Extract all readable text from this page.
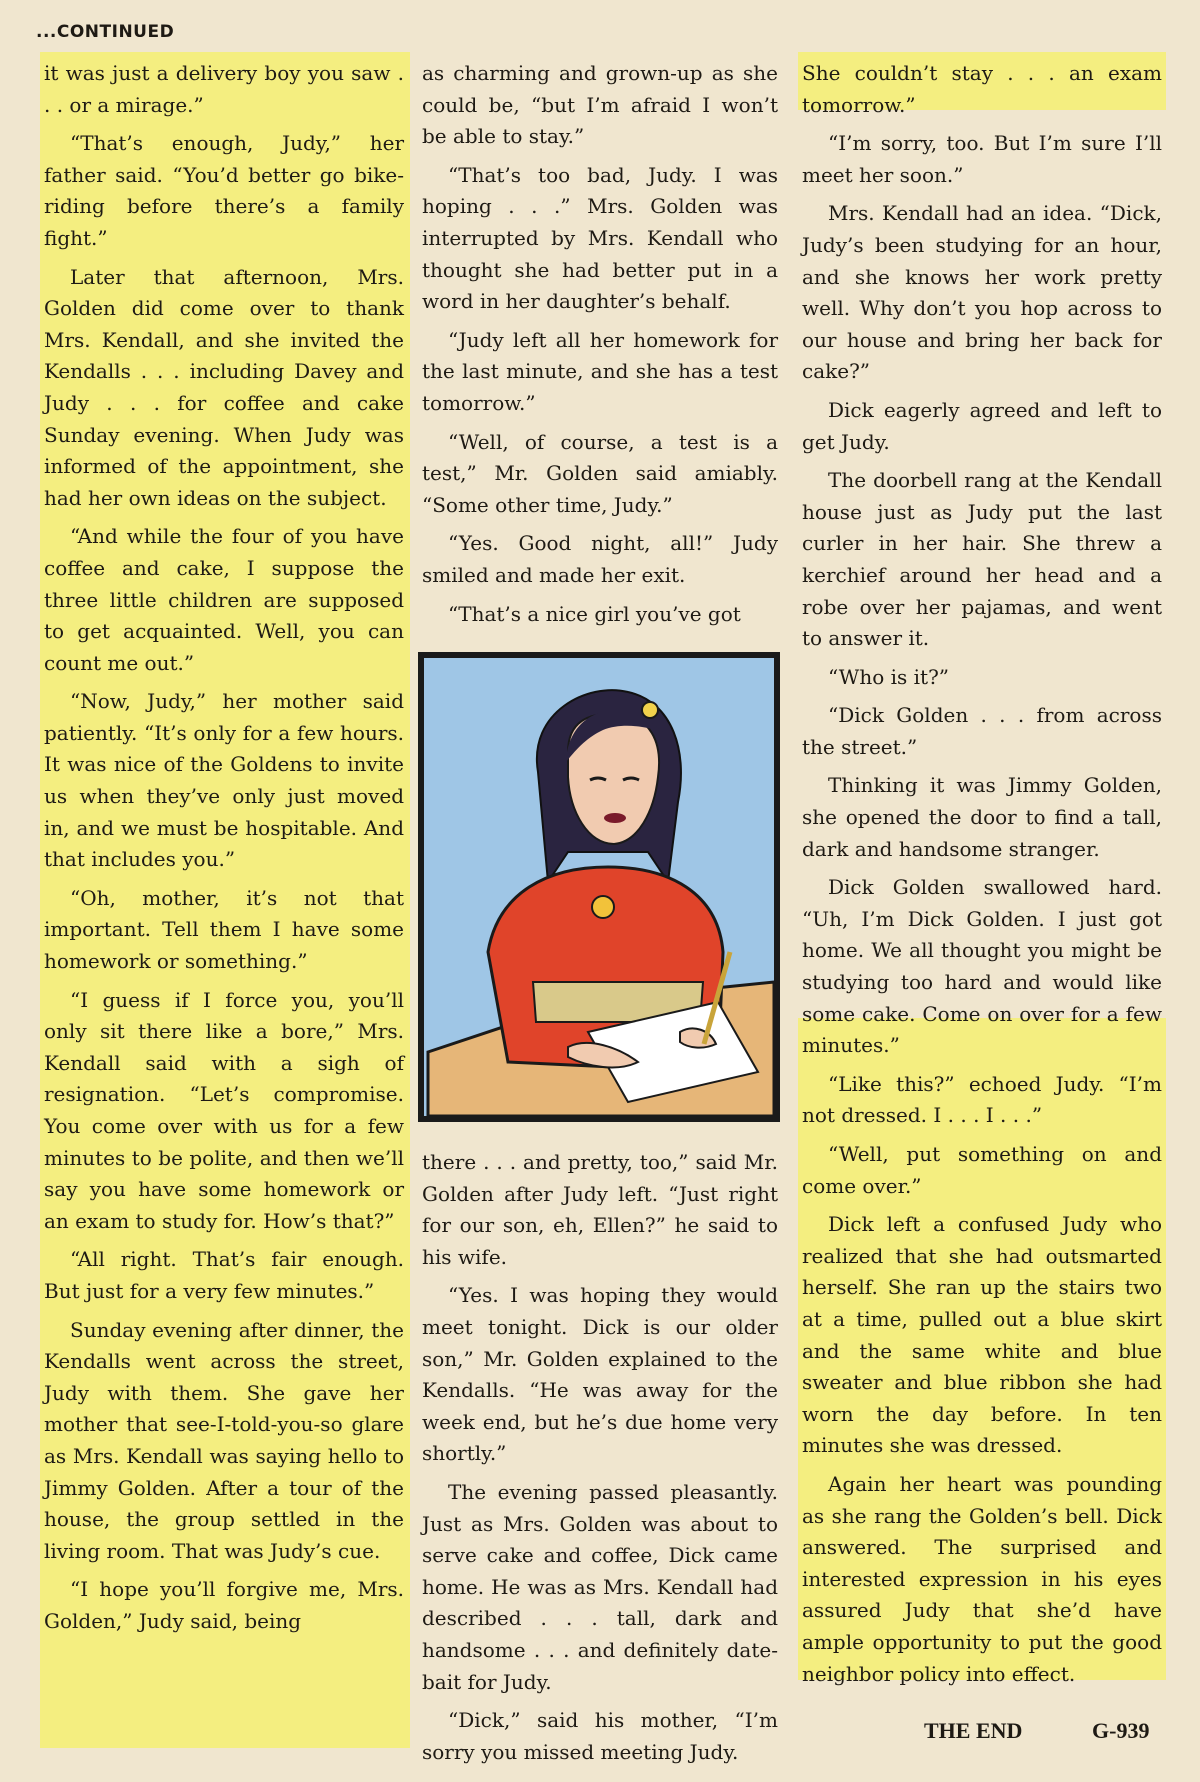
...CONTINUED

it was just a delivery boy you saw . . . or a mirage.”

“That’s enough, Judy,” her father said. “You’d better go bike-riding before there’s a family fight.”

Later that afternoon, Mrs. Golden did come over to thank Mrs. Kendall, and she invited the Kendalls . . . including Davey and Judy . . . for coffee and cake Sunday evening. When Judy was informed of the appointment, she had her own ideas on the subject.

“And while the four of you have coffee and cake, I suppose the three little children are supposed to get acquainted. Well, you can count me out.”

“Now, Judy,” her mother said patiently. “It’s only for a few hours. It was nice of the Goldens to invite us when they’ve only just moved in, and we must be hospitable. And that includes you.”

“Oh, mother, it’s not that important. Tell them I have some homework or something.”

“I guess if I force you, you’ll only sit there like a bore,” Mrs. Kendall said with a sigh of resignation. “Let’s compromise. You come over with us for a few minutes to be polite, and then we’ll say you have some homework or an exam to study for. How’s that?”

“All right. That’s fair enough. But just for a very few minutes.”

Sunday evening after dinner, the Kendalls went across the street, Judy with them. She gave her mother that see-I-told-you-so glare as Mrs. Kendall was saying hello to Jimmy Golden. After a tour of the house, the group settled in the living room. That was Judy’s cue.

“I hope you’ll forgive me, Mrs. Golden,” Judy said, being

as charming and grown-up as she could be, “but I’m afraid I won’t be able to stay.”

“That’s too bad, Judy. I was hoping . . .” Mrs. Golden was interrupted by Mrs. Kendall who thought she had better put in a word in her daughter’s behalf.

“Judy left all her homework for the last minute, and she has a test tomorrow.”

“Well, of course, a test is a test,” Mr. Golden said amiably. “Some other time, Judy.”

“Yes. Good night, all!” Judy smiled and made her exit.

“That’s a nice girl you’ve got

there . . . and pretty, too,” said Mr. Golden after Judy left. “Just right for our son, eh, Ellen?” he said to his wife.

“Yes. I was hoping they would meet tonight. Dick is our older son,” Mr. Golden explained to the Kendalls. “He was away for the week end, but he’s due home very shortly.”

The evening passed pleasantly. Just as Mrs. Golden was about to serve cake and coffee, Dick came home. He was as Mrs. Kendall had described . . . tall, dark and handsome . . . and definitely date-bait for Judy.

“Dick,” said his mother, “I’m sorry you missed meeting Judy.

She couldn’t stay . . . an exam tomorrow.”

“I’m sorry, too. But I’m sure I’ll meet her soon.”

Mrs. Kendall had an idea. “Dick, Judy’s been studying for an hour, and she knows her work pretty well. Why don’t you hop across to our house and bring her back for cake?”

Dick eagerly agreed and left to get Judy.

The doorbell rang at the Kendall house just as Judy put the last curler in her hair. She threw a kerchief around her head and a robe over her pajamas, and went to answer it.

“Who is it?”

“Dick Golden . . . from across the street.”

Thinking it was Jimmy Golden, she opened the door to find a tall, dark and handsome stranger.

Dick Golden swallowed hard. “Uh, I’m Dick Golden. I just got home. We all thought you might be studying too hard and would like some cake. Come on over for a few minutes.”

“Like this?” echoed Judy. “I’m not dressed. I . . . I . . .”

“Well, put something on and come over.”

Dick left a confused Judy who realized that she had outsmarted herself. She ran up the stairs two at a time, pulled out a blue skirt and the same white and blue sweater and blue ribbon she had worn the day before. In ten minutes she was dressed.

Again her heart was pounding as she rang the Golden’s bell. Dick answered. The surprised and interested expression in his eyes assured Judy that she’d have ample opportunity to put the good neighbor policy into effect.

THE END	G-939
